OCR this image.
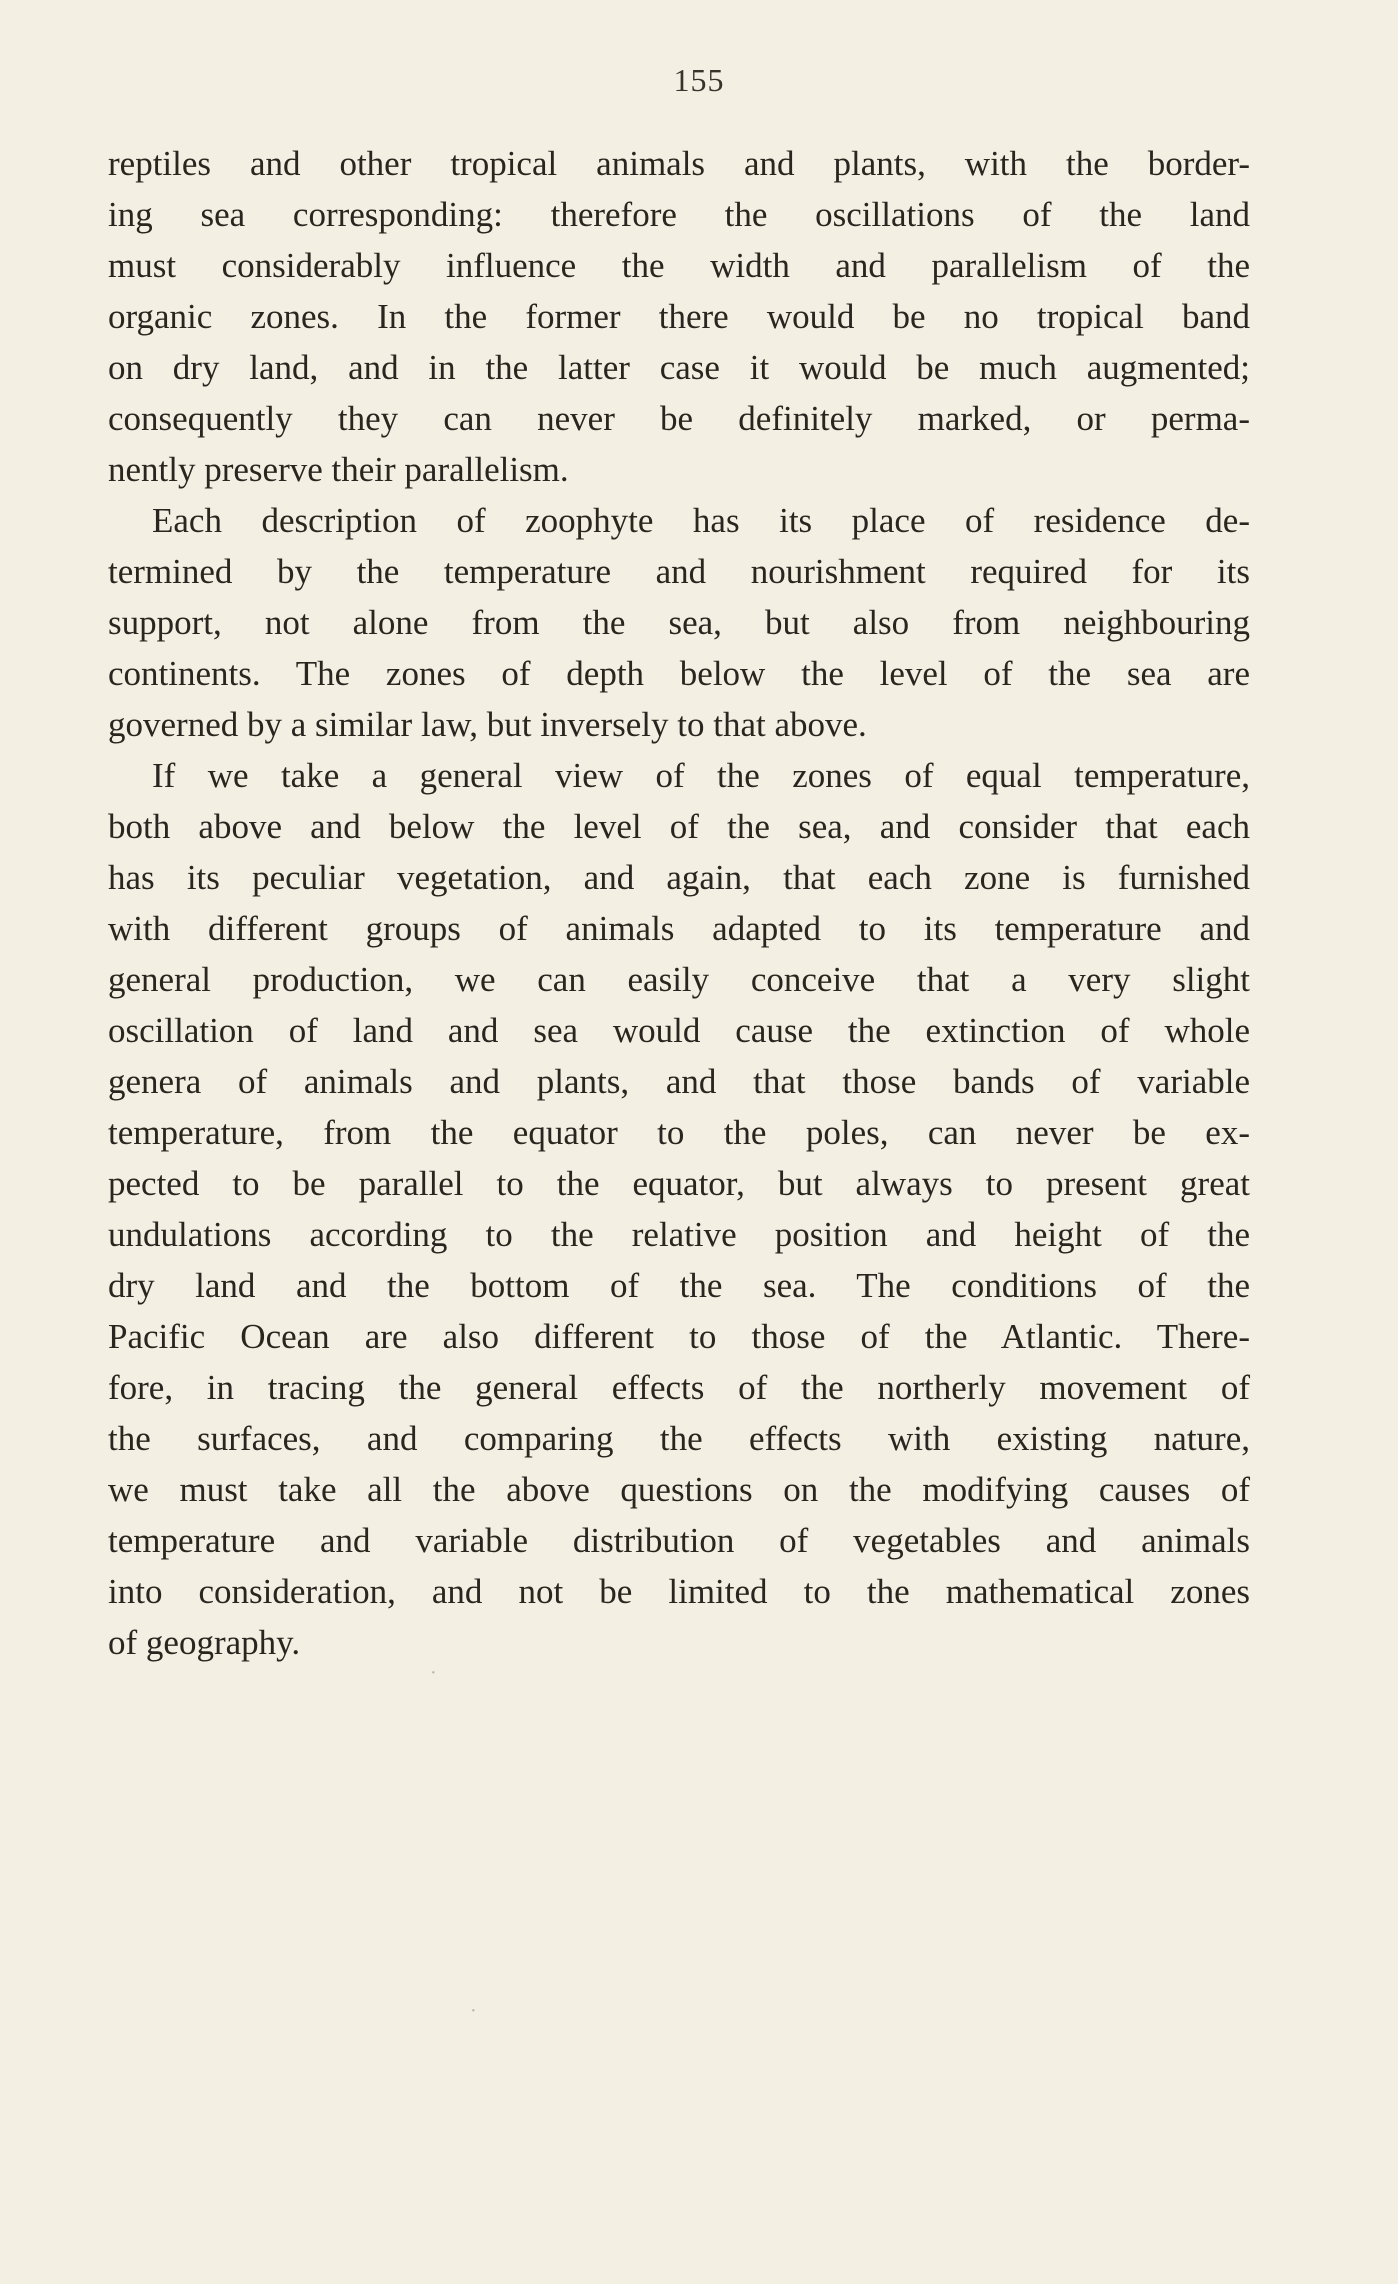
155
reptiles and other tropical animals and plants, with the border-
ing sea corresponding: therefore the oscillations of the land
must considerably influence the width and parallelism of the
organic zones. In the former there would be no tropical band
on dry land, and in the latter case it would be much augmented;
consequently they can never be definitely marked, or perma-
nently preserve their parallelism.
Each description of zoophyte has its place of residence de-
termined by the temperature and nourishment required for its
support, not alone from the sea, but also from neighbouring
continents. The zones of depth below the level of the sea are
governed by a similar law, but inversely to that above.
If we take a general view of the zones of equal temperature,
both above and below the level of the sea, and consider that each
has its peculiar vegetation, and again, that each zone is furnished
with different groups of animals adapted to its temperature and
general production, we can easily conceive that a very slight
oscillation of land and sea would cause the extinction of whole
genera of animals and plants, and that those bands of variable
temperature, from the equator to the poles, can never be ex-
pected to be parallel to the equator, but always to present great
undulations according to the relative position and height of the
dry land and the bottom of the sea. The conditions of the
Pacific Ocean are also different to those of the Atlantic. There-
fore, in tracing the general effects of the northerly movement of
the surfaces, and comparing the effects with existing nature,
we must take all the above questions on the modifying causes of
temperature and variable distribution of vegetables and animals
into consideration, and not be limited to the mathematical zones
of geography.
·
·
